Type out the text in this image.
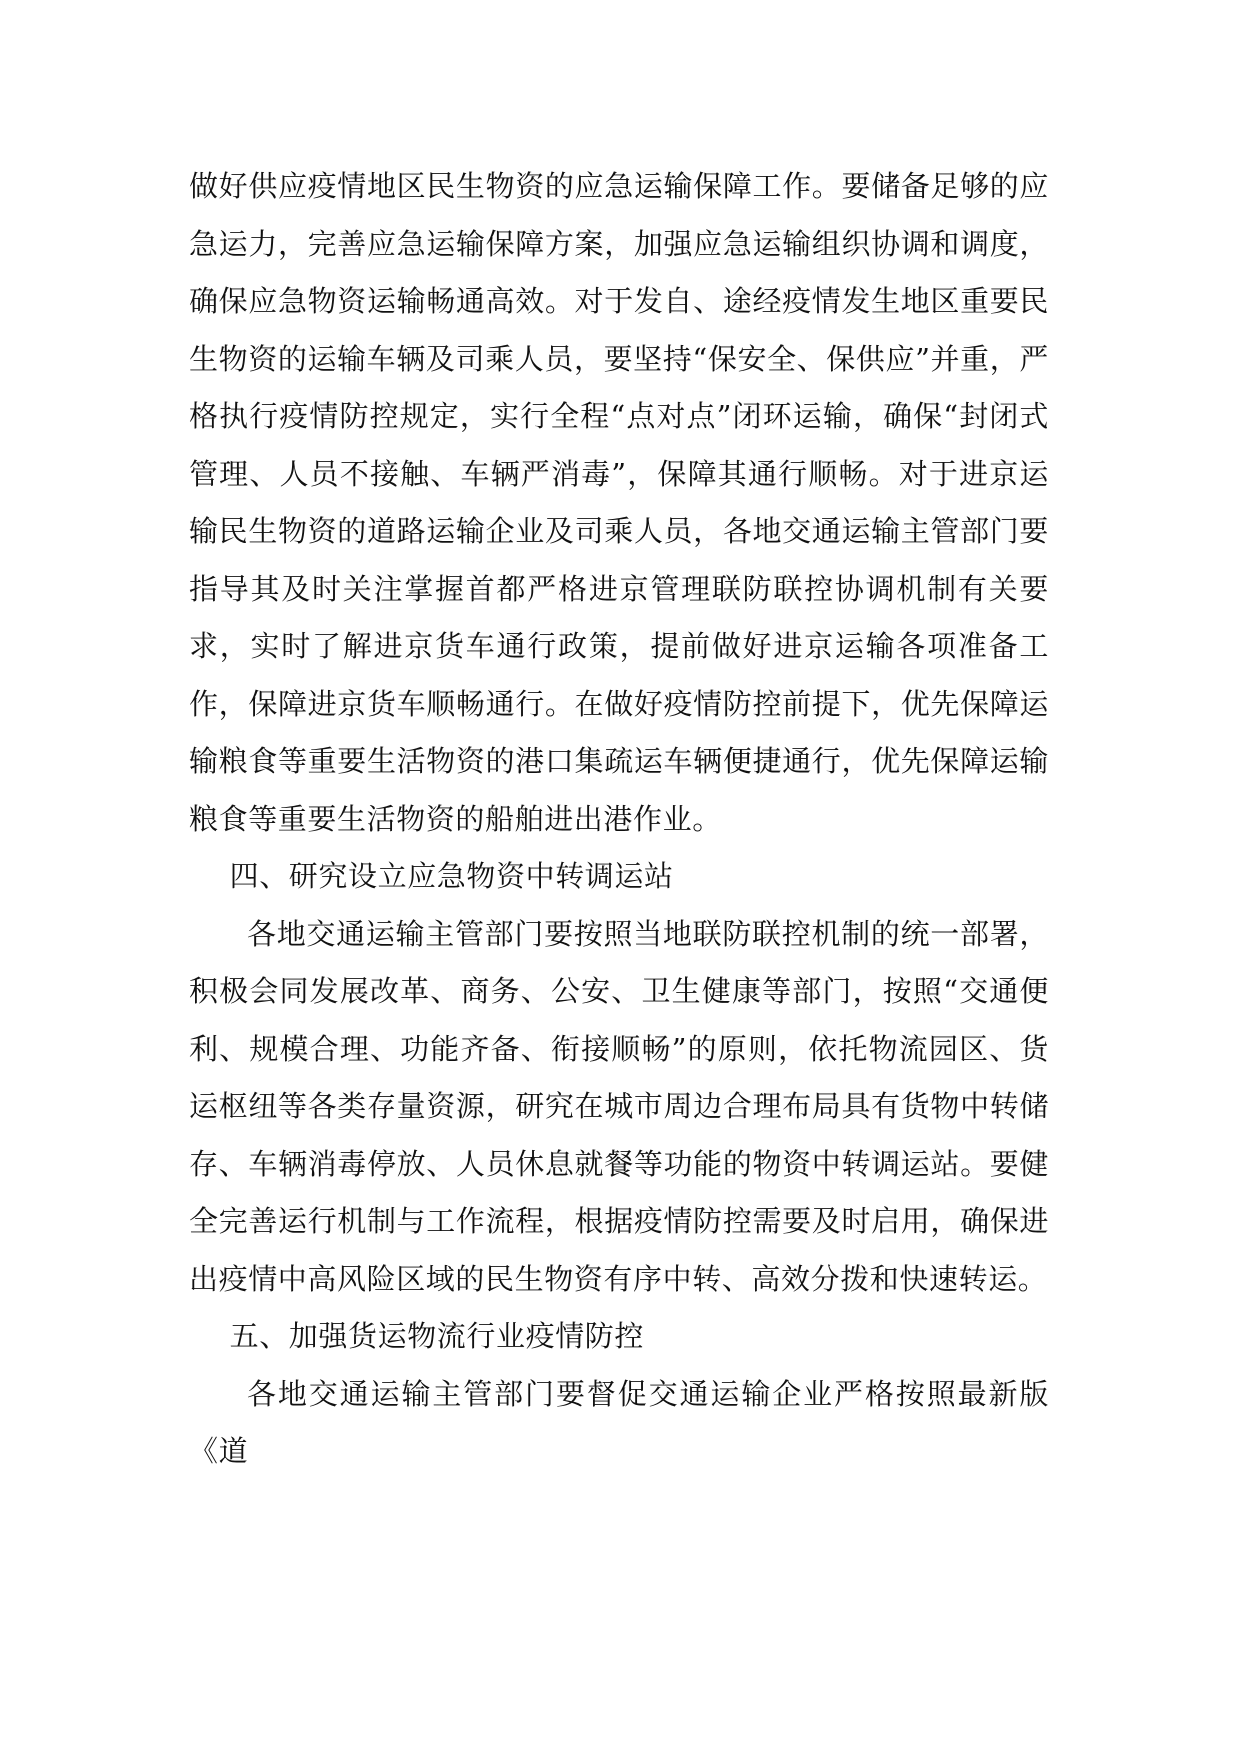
做好供应疫情地区民生物资的应急运输保障工作。要储备足够的应急运力，完善应急运输保障方案，加强应急运输组织协调和调度，确保应急物资运输畅通高效。对于发自、途经疫情发生地区重要民生物资的运输车辆及司乘人员，要坚持“保安全、保供应”并重，严格执行疫情防控规定，实行全程“点对点”闭环运输，确保“封闭式管理、人员不接触、车辆严消毒”，保障其通行顺畅。对于进京运输民生物资的道路运输企业及司乘人员，各地交通运输主管部门要指导其及时关注掌握首都严格进京管理联防联控协调机制有关要求，实时了解进京货车通行政策，提前做好进京运输各项准备工作，保障进京货车顺畅通行。在做好疫情防控前提下，优先保障运输粮食等重要生活物资的港口集疏运车辆便捷通行，优先保障运输粮食等重要生活物资的船舶进出港作业。

四、研究设立应急物资中转调运站

各地交通运输主管部门要按照当地联防联控机制的统一部署，积极会同发展改革、商务、公安、卫生健康等部门，按照“交通便利、规模合理、功能齐备、衔接顺畅”的原则，依托物流园区、货运枢纽等各类存量资源，研究在城市周边合理布局具有货物中转储存、车辆消毒停放、人员休息就餐等功能的物资中转调运站。要健全完善运行机制与工作流程，根据疫情防控需要及时启用，确保进出疫情中高风险区域的民生物资有序中转、高效分拨和快速转运。

五、加强货运物流行业疫情防控

各地交通运输主管部门要督促交通运输企业严格按照最新版《道
